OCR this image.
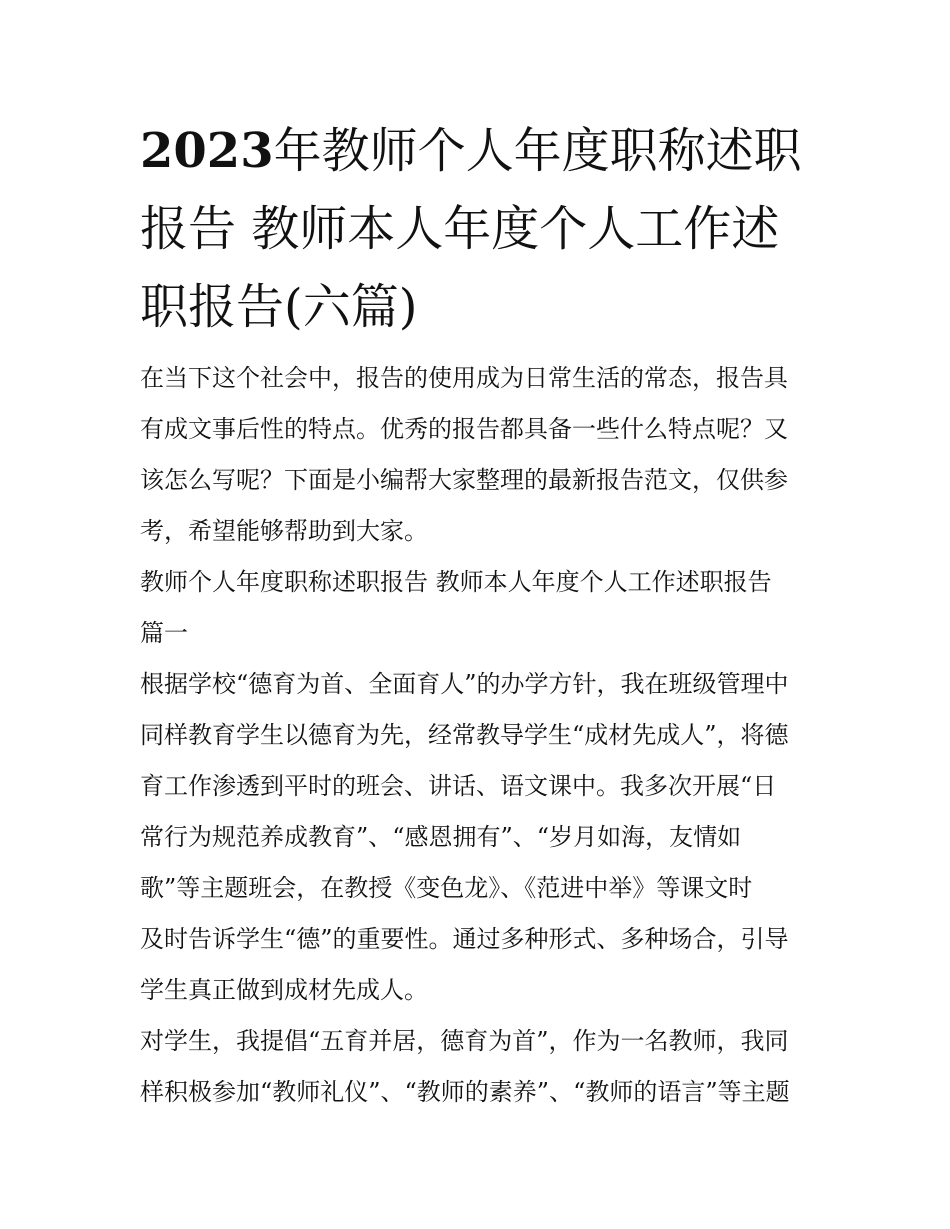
2023年教师个人年度职称述职
报告 教师本人年度个人工作述
职报告(六篇)
在当下这个社会中，报告的使用成为日常生活的常态，报告具
有成文事后性的特点。优秀的报告都具备一些什么特点呢？又
该怎么写呢？下面是小编帮大家整理的最新报告范文，仅供参
考，希望能够帮助到大家。
教师个人年度职称述职报告 教师本人年度个人工作述职报告
篇一
根据学校“德育为首、全面育人”的办学方针，我在班级管理中
同样教育学生以德育为先，经常教导学生“成材先成人”，将德
育工作渗透到平时的班会、讲话、语文课中。我多次开展“日
常行为规范养成教育”、“感恩拥有”、“岁月如海，友情如
歌”等主题班会，在教授《变色龙》、《范进中举》等课文时
及时告诉学生“德”的重要性。通过多种形式、多种场合，引导
学生真正做到成材先成人。
对学生，我提倡“五育并居，德育为首”，作为一名教师，我同
样积极参加“教师礼仪”、“教师的素养”、“教师的语言”等主题
